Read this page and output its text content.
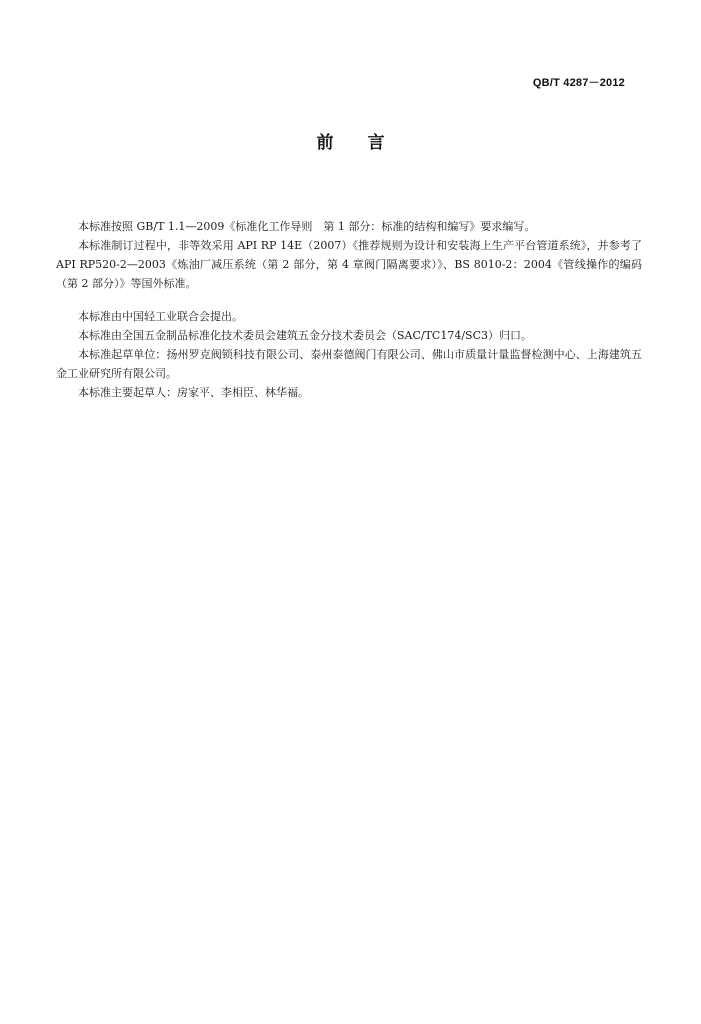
QB/T 4287－2012
前言

本标准按照 GB/T 1.1—2009《标准化工作导则　第 1 部分：标准的结构和编写》要求编写。

本标准制订过程中，非等效采用 API RP 14E（2007）《推荐规则为设计和安装海上生产平台管道系统》，并参考了 API RP520-2—2003《炼油厂减压系统（第 2 部分，第 4 章阀门隔离要求）》、BS 8010-2：2004《管线操作的编码（第 2 部分）》等国外标准。

本标准由中国轻工业联合会提出。

本标准由全国五金制品标准化技术委员会建筑五金分技术委员会（SAC/TC174/SC3）归口。

本标准起草单位：扬州罗克阀锁科技有限公司、泰州泰德阀门有限公司、佛山市质量计量监督检测中心、上海建筑五金工业研究所有限公司。

本标准主要起草人：房家平、李相臣、林华福。
